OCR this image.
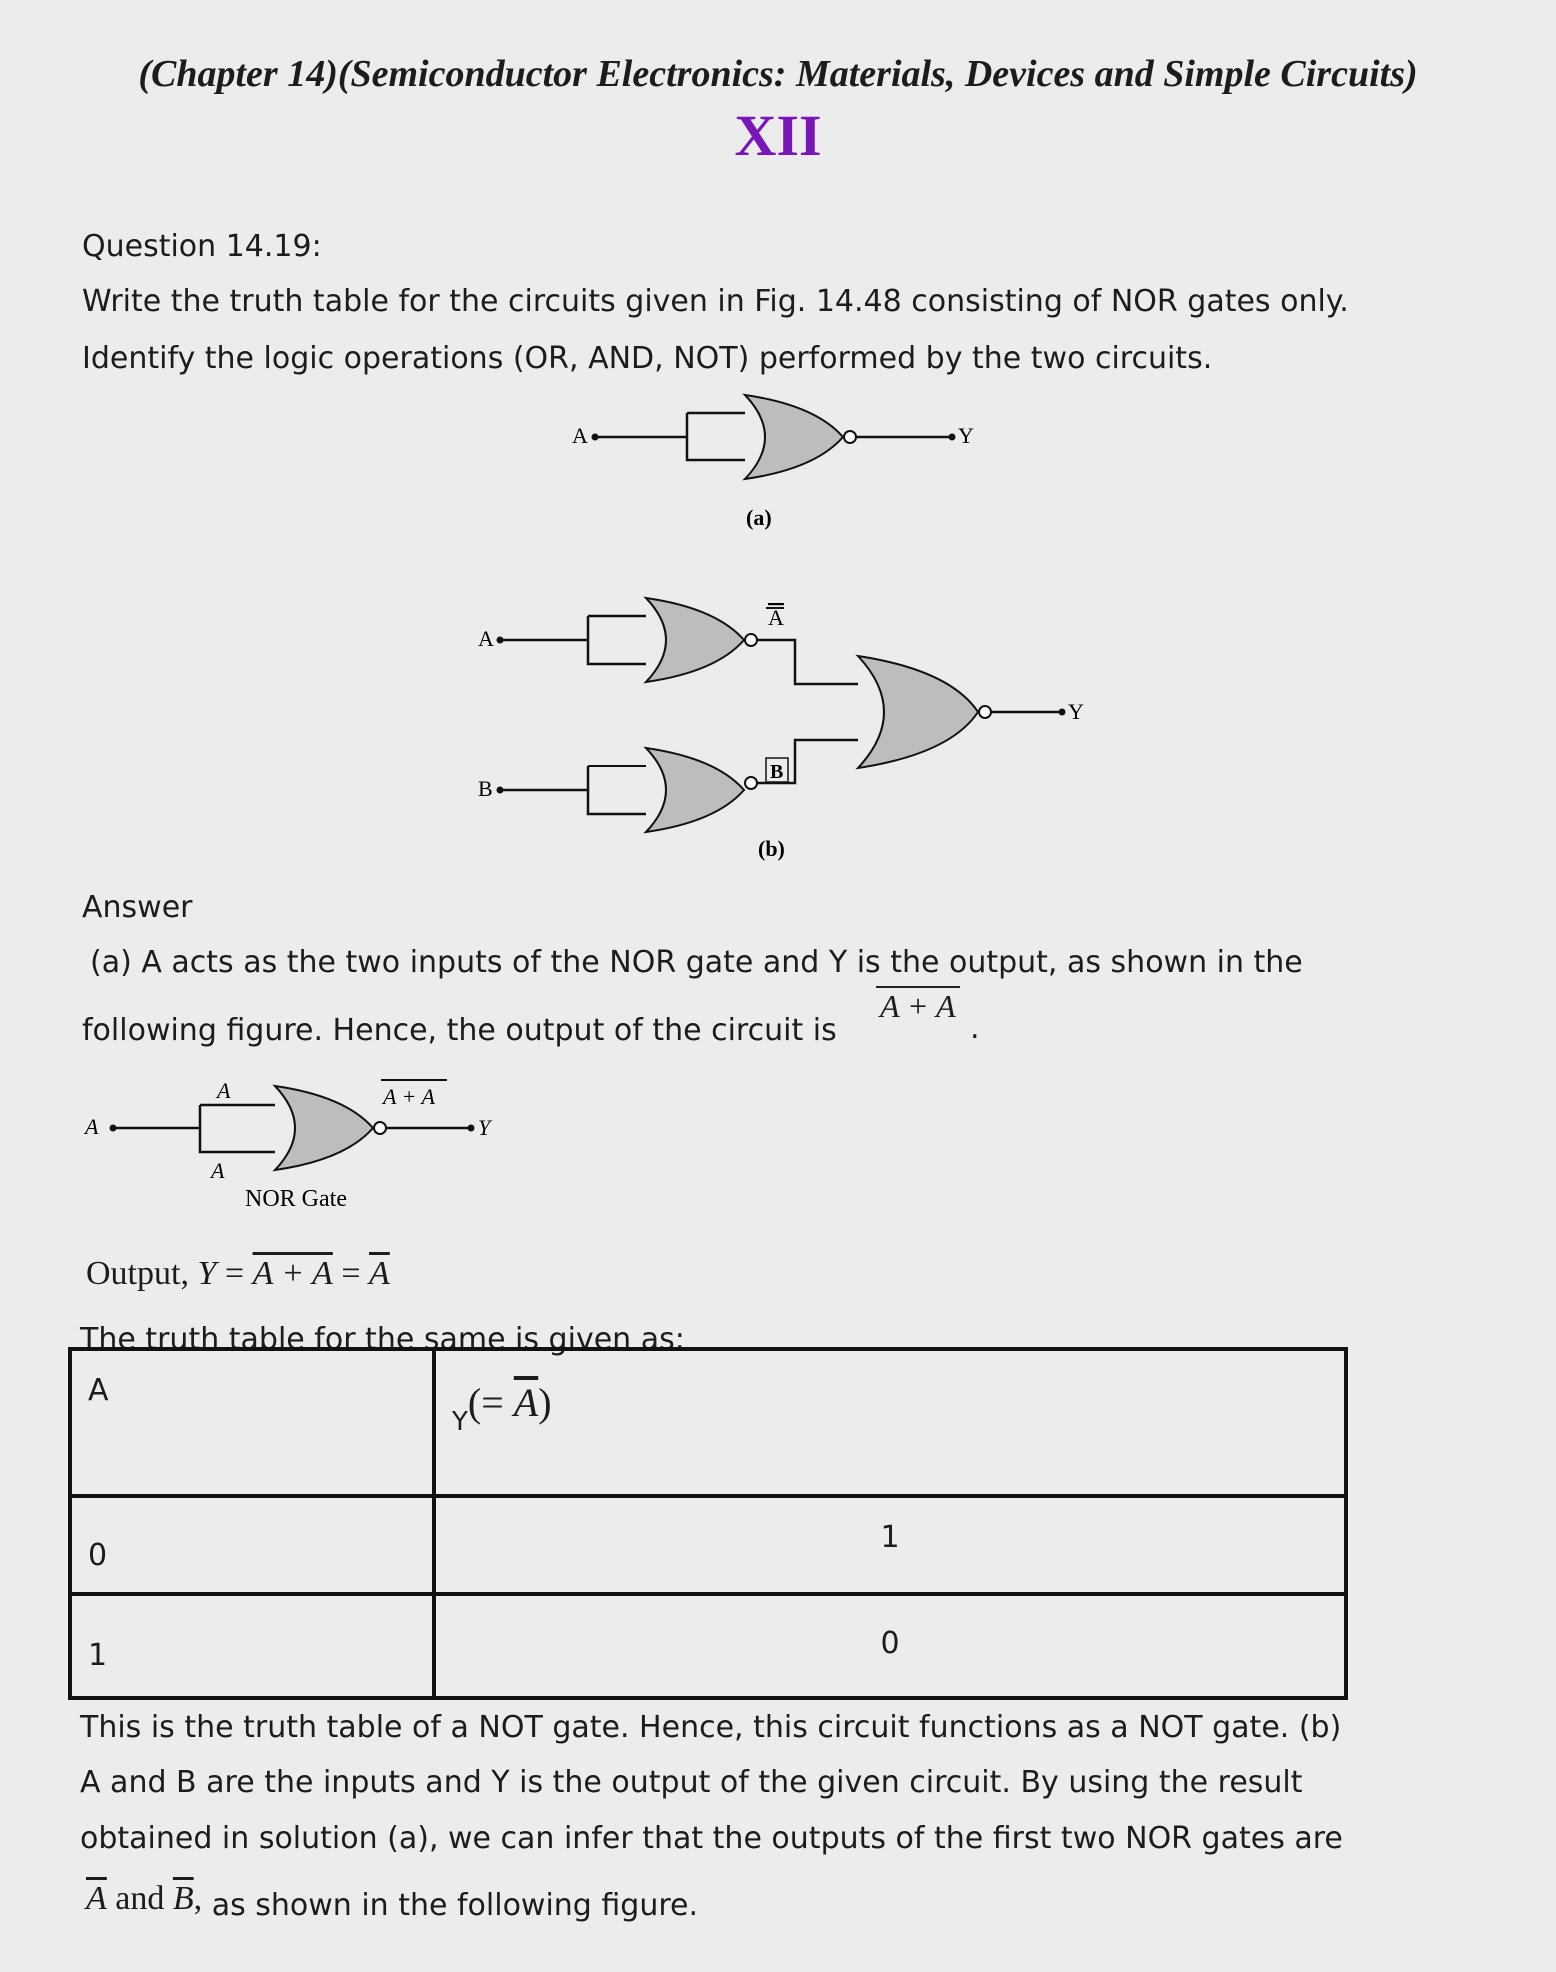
(Chapter 14)(Semiconductor Electronics: Materials, Devices and Simple Circuits)
XII
Question 14.19:
Write the truth table for the circuits given in Fig. 14.48 consisting of NOR gates only.
Identify the logic operations (OR, AND, NOT) performed by the two circuits.
A	Y
(a)
A
A
B
B
Y
(b)
Answer
(a) A acts as the two inputs of the NOR gate and Y is the output, as shown in the
following figure. Hence, the output of the circuit is
A + A
.
A
A
A
Y
A + A
NOR Gate
Output, $Y = A + A = \overline{A}$
The truth table for the same is given as:
A	$Y(= \overline{A})$

0	1

1	0
This is the truth table of a NOT gate. Hence, this circuit functions as a NOT gate. (b)
A and B are the inputs and Y is the output of the given circuit. By using the result
obtained in solution (a), we can infer that the outputs of the first two NOR gates are
$\overline{A}$ and $\overline{B}$, as shown in the following figure.
